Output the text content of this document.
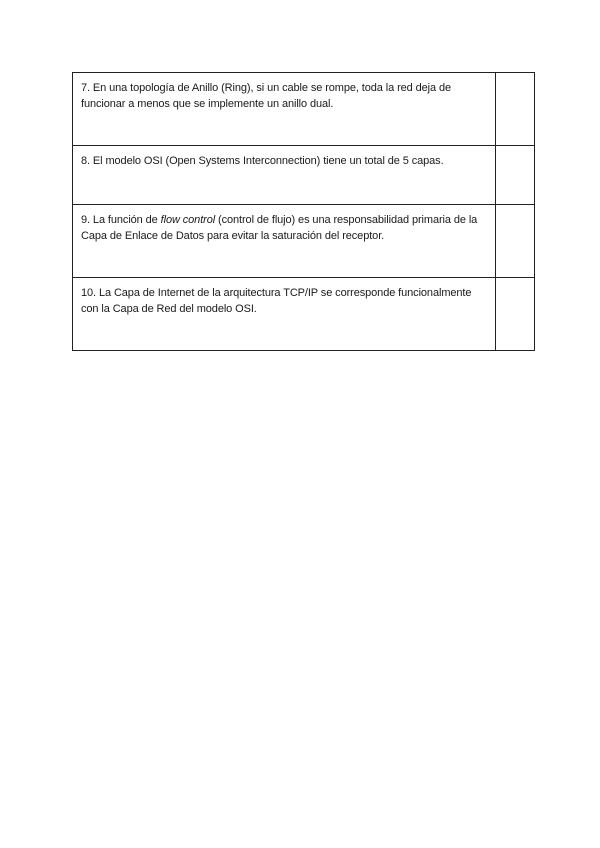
7. En una topología de Anillo (Ring), si un cable se rompe, toda la red deja de funcionar a menos que se implemente un anillo dual.	
8. El modelo OSI (Open Systems Interconnection) tiene un total de 5 capas.	
9. La función de flow control (control de flujo) es una responsabilidad primaria de la Capa de Enlace de Datos para evitar la saturación del receptor.	
10. La Capa de Internet de la arquitectura TCP/IP se corresponde funcionalmente con la Capa de Red del modelo OSI.	
